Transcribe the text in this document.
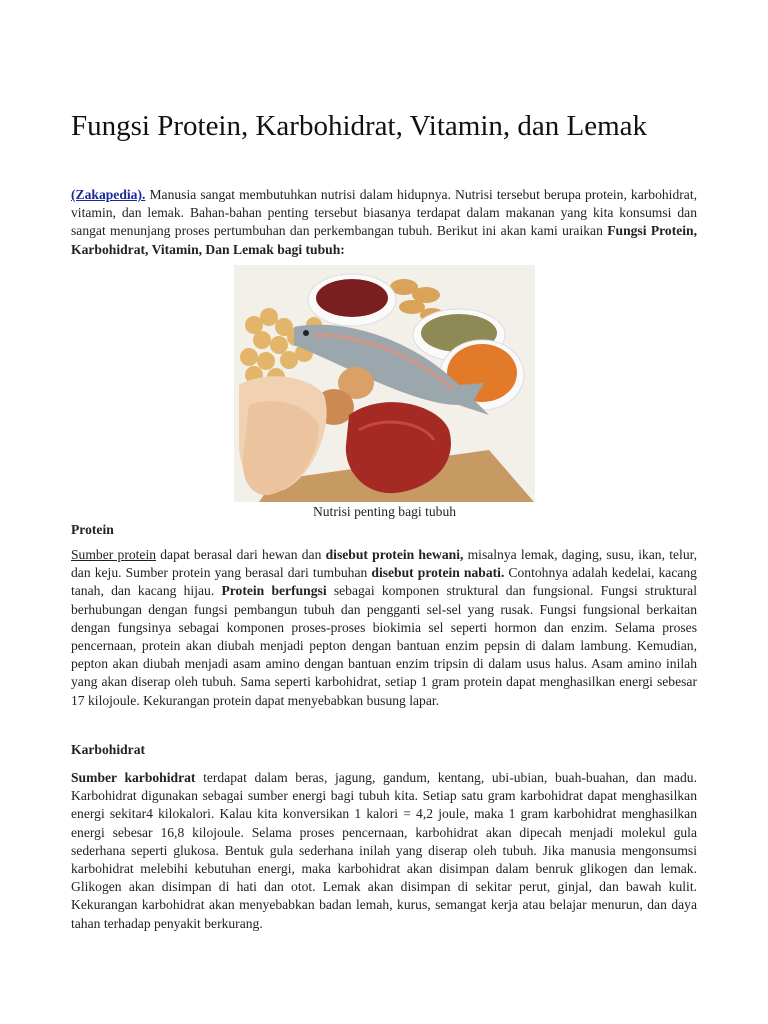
Fungsi Protein, Karbohidrat, Vitamin, dan Lemak

(Zakapedia). Manusia sangat membutuhkan nutrisi dalam hidupnya. Nutrisi tersebut berupa protein, karbohidrat, vitamin, dan lemak. Bahan-bahan penting tersebut biasanya terdapat dalam makanan yang kita konsumsi dan sangat menunjang proses pertumbuhan dan perkembangan tubuh. Berikut ini akan kami uraikan Fungsi Protein, Karbohidrat, Vitamin, Dan Lemak bagi tubuh:

Nutrisi penting bagi tubuh
Protein

Sumber protein dapat berasal dari hewan dan disebut protein hewani, misalnya lemak, daging, susu, ikan, telur, dan keju. Sumber protein yang berasal dari tumbuhan disebut protein nabati. Contohnya adalah kedelai, kacang tanah, dan kacang hijau. Protein berfungsi sebagai komponen struktural dan fungsional. Fungsi struktural berhubungan dengan fungsi pembangun tubuh dan pengganti sel-sel yang rusak. Fungsi fungsional berkaitan dengan fungsinya sebagai komponen proses-proses biokimia sel seperti hormon dan enzim. Selama proses pencernaan, protein akan diubah menjadi pepton dengan bantuan enzim pepsin di dalam lambung. Kemudian, pepton akan diubah menjadi asam amino dengan bantuan enzim tripsin di dalam usus halus. Asam amino inilah yang akan diserap oleh tubuh. Sama seperti karbohidrat, setiap 1 gram protein dapat menghasilkan energi sebesar 17 kilojoule. Kekurangan protein dapat menyebabkan busung lapar.

Karbohidrat

Sumber karbohidrat terdapat dalam beras, jagung, gandum, kentang, ubi-ubian, buah-buahan, dan madu. Karbohidrat digunakan sebagai sumber energi bagi tubuh kita. Setiap satu gram karbohidrat dapat menghasilkan energi sekitar4 kilokalori. Kalau kita konversikan 1 kalori = 4,2 joule, maka 1 gram karbohidrat menghasilkan energi sebesar 16,8 kilojoule. Selama proses pencernaan, karbohidrat akan dipecah menjadi molekul gula sederhana seperti glukosa. Bentuk gula sederhana inilah yang diserap oleh tubuh. Jika manusia mengonsumsi karbohidrat melebihi kebutuhan energi, maka karbohidrat akan disimpan dalam benruk glikogen dan lemak. Glikogen akan disimpan di hati dan otot. Lemak akan disimpan di sekitar perut, ginjal, dan bawah kulit. Kekurangan karbohidrat akan menyebabkan badan lemah, kurus, semangat kerja atau belajar menurun, dan daya tahan terhadap penyakit berkurang.
